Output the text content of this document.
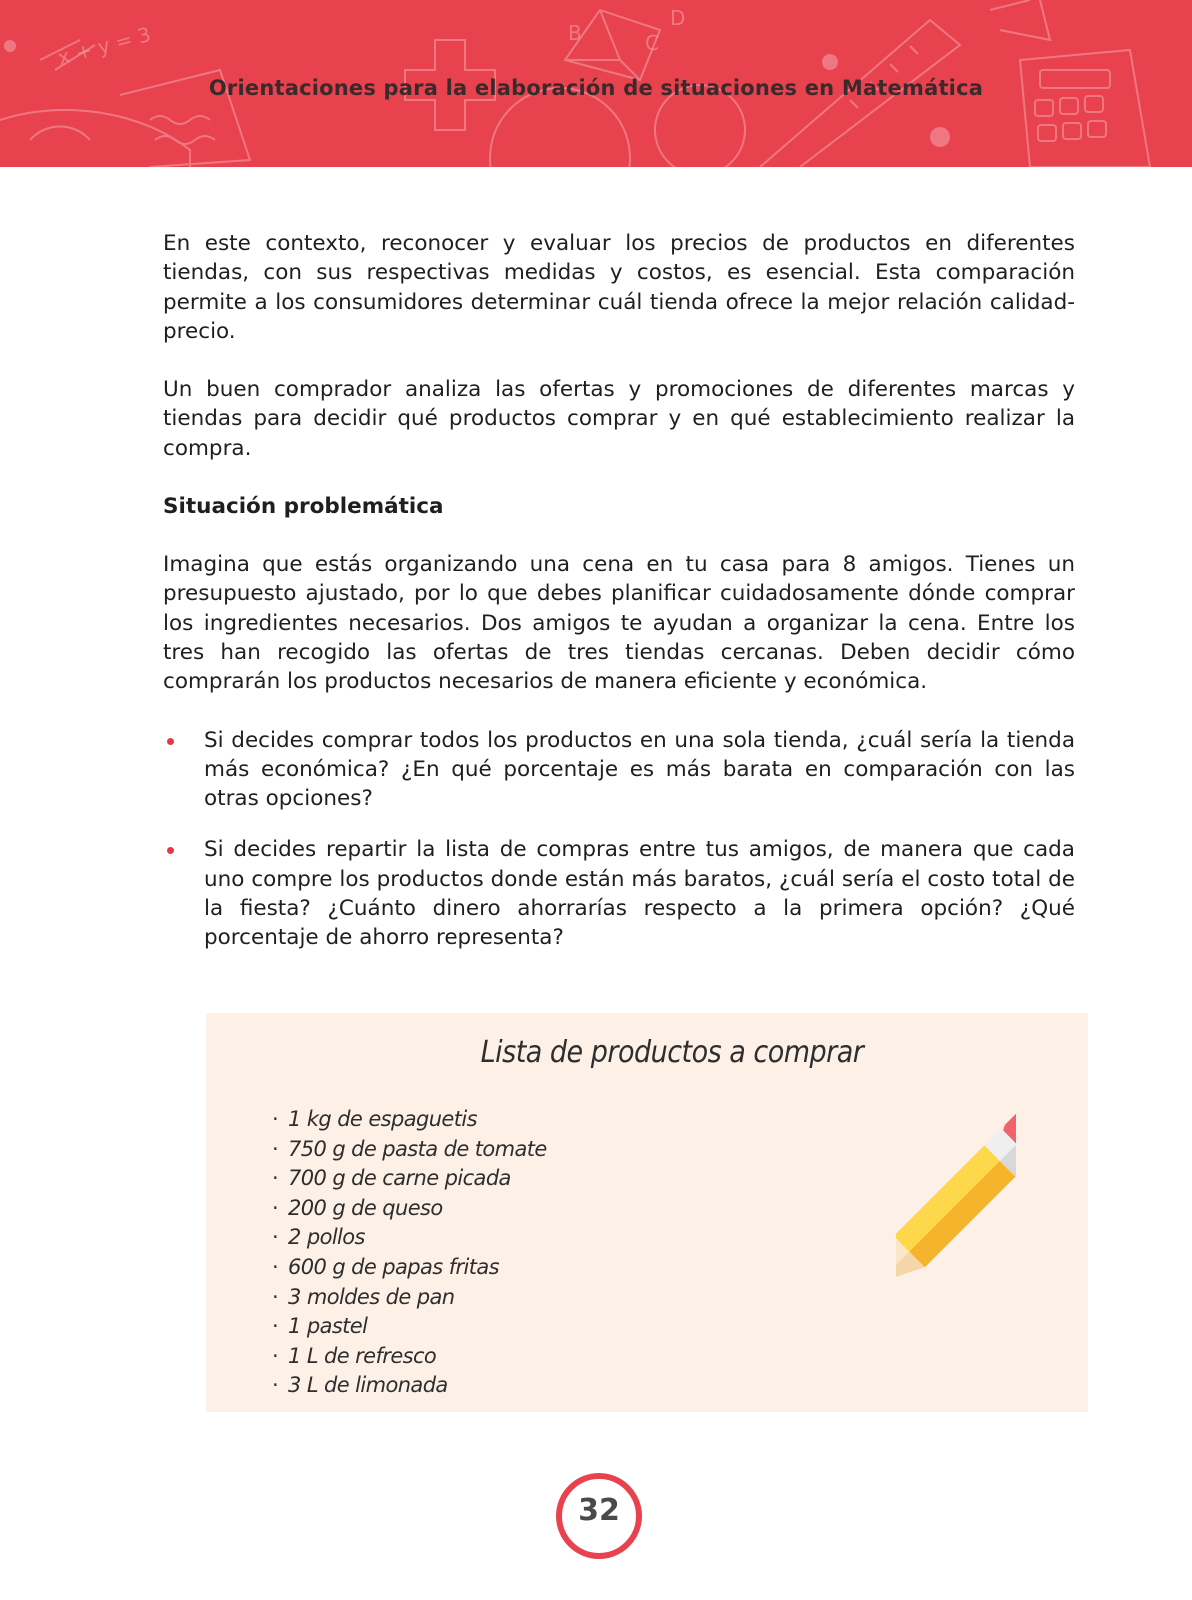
x + y = 3	B
D
C
Orientaciones para la elaboración de situaciones en Matemática

En este contexto, reconocer y evaluar los precios de productos en diferentes tiendas, con sus respectivas medidas y costos, es esencial. Esta comparación permite a los consumidores determinar cuál tienda ofrece la mejor relación calidad-precio.

Un buen comprador analiza las ofertas y promociones de diferentes marcas y tiendas para decidir qué productos comprar y en qué establecimiento realizar la compra.

Situación problemática

Imagina que estás organizando una cena en tu casa para 8 amigos. Tienes un presupuesto ajustado, por lo que debes planificar cuidadosamente dónde comprar los ingredientes necesarios. Dos amigos te ayudan a organizar la cena. Entre los tres han recogido las ofertas de tres tiendas cercanas. Deben decidir cómo comprarán los productos necesarios de manera eficiente y económica.

Si decides comprar todos los productos en una sola tienda, ¿cuál sería la tienda más económica? ¿En qué porcentaje es más barata en comparación con las otras opciones?

Si decides repartir la lista de compras entre tus amigos, de manera que cada uno compre los productos donde están más baratos, ¿cuál sería el costo total de la fiesta? ¿Cuánto dinero ahorrarías respecto a la primera opción? ¿Qué porcentaje de ahorro representa?

Lista de productos a comprar
· 1 kg de espaguetis
· 750 g de pasta de tomate
· 700 g de carne picada
· 200 g de queso
· 2 pollos
· 600 g de papas fritas
· 3 moldes de pan
· 1 pastel
· 1 L de refresco
· 3 L de limonada
32
